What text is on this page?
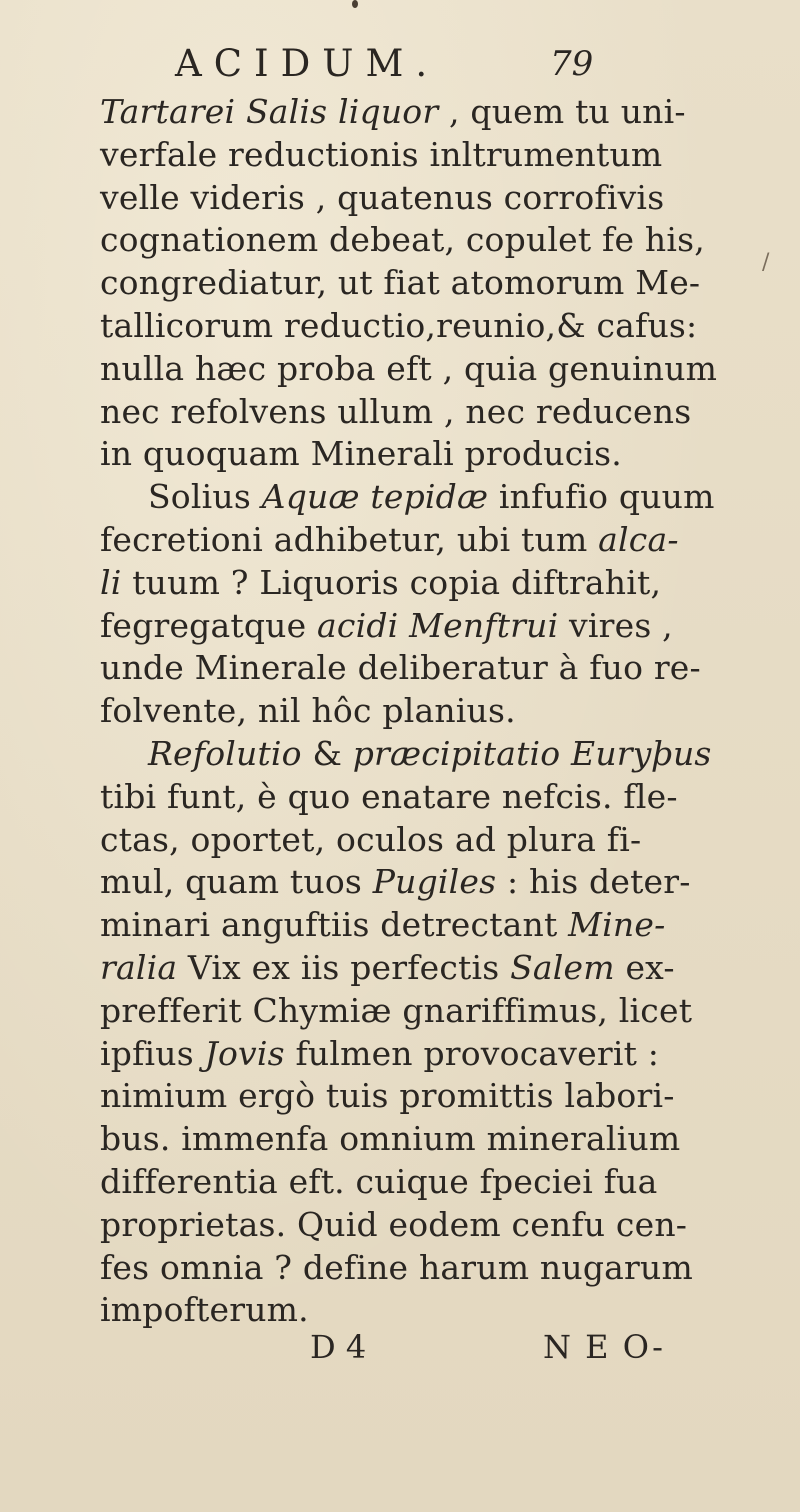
ACIDUM.	79
Tartarei Salis liquor , quem tu uni-
verfale reductionis inltrumentum
velle videris , quatenus corrofivis
cognationem debeat, copulet fe his,
congrediatur, ut fiat atomorum Me-
tallicorum reductio,reunio,& cafus:
nulla hæc proba eft , quia genuinum
nec refolvens ullum , nec reducens
in quoquam Minerali producis.
Solius Aquæ tepidæ infufio quum
fecretioni adhibetur, ubi tum alca-
li tuum ? Liquoris copia diftrahit,
fegregatque acidi Menftrui vires ,
unde Minerale deliberatur à fuo re-
folvente, nil hôc planius.
Refolutio & præcipitatio Euryþus
tibi funt, è quo enatare nefcis. fle-
ctas, oportet, oculos ad plura fi-
mul, quam tuos Pugiles : his deter-
minari anguftiis detrectant Mine-
ralia Vix ex iis perfectis Salem ex-
prefferit Chymiæ gnariffimus, licet
ipfius Jovis fulmen provocaverit :
nimium ergò tuis promittis labori-
bus. immenfa omnium mineralium
differentia eft. cuique fpeciei fua
proprietas. Quid eodem cenfu cen-
fes omnia ? define harum nugarum
impofterum.
D 4	N E O-
/
